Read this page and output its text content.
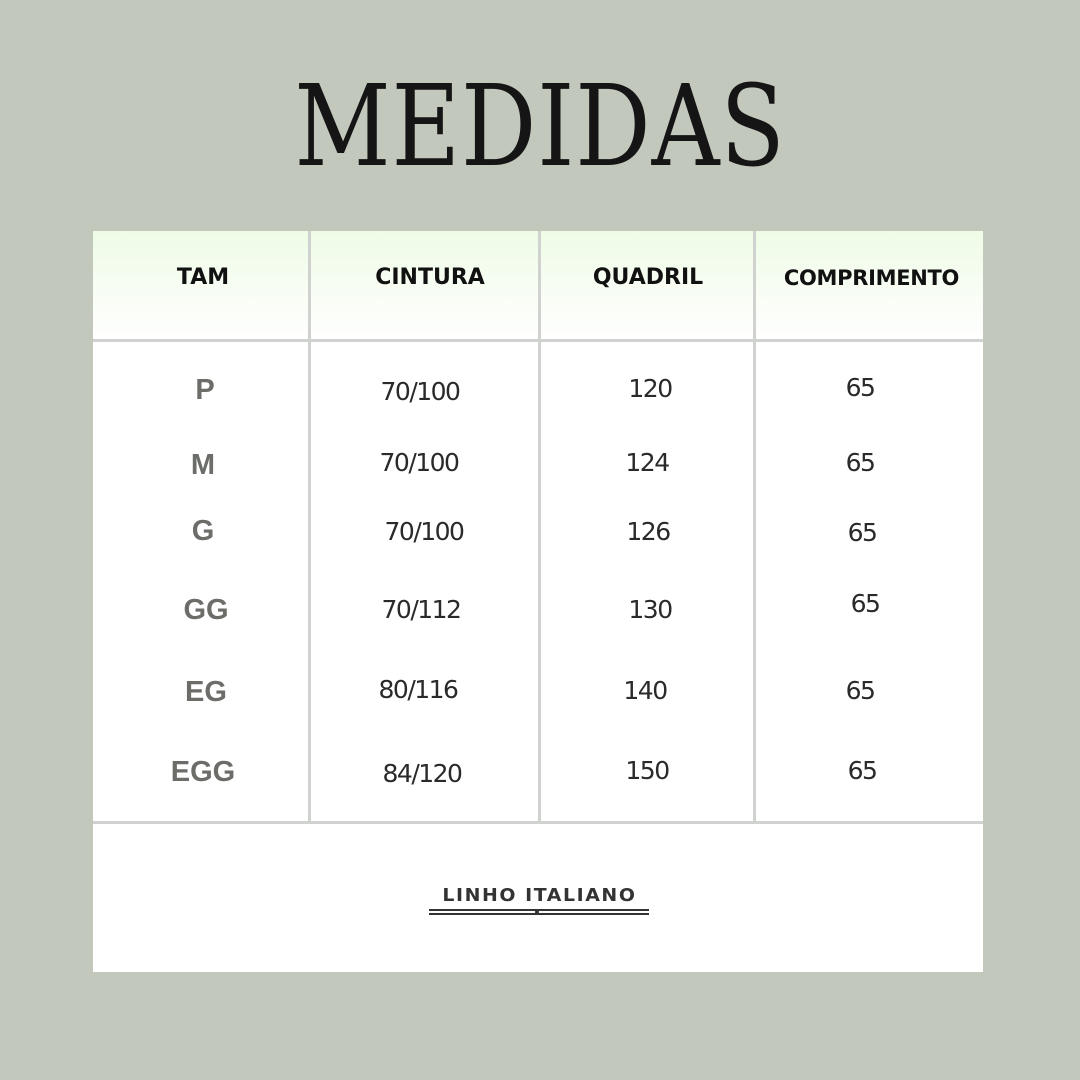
MEDIDAS
TAM	CINTURA	QUADRIL	COMPRIMENTO
P	70/100	120	65
M	70/100	124	65
G	70/100	126	65
GG	70/112	130	65
EG	80/116	140	65
EGG	84/120	150	65
LINHO ITALIANO
